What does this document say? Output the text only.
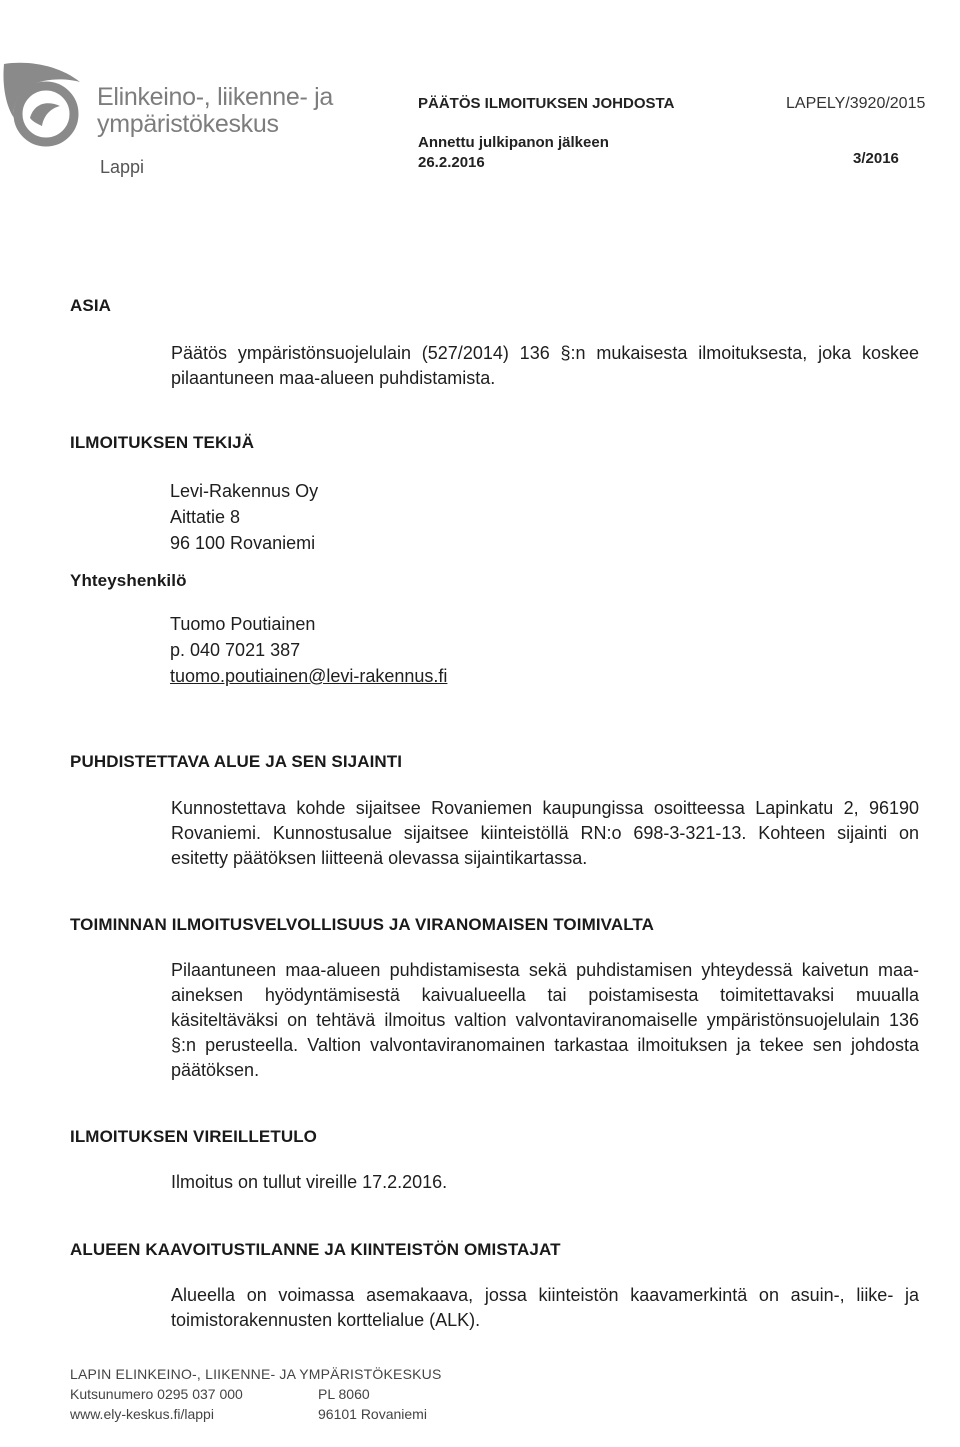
Elinkeino-, liikenne- ja
ympäristökeskus
Lappi
PÄÄTÖS ILMOITUKSEN JOHDOSTA	LAPELY/3920/2015
Annettu julkipanon jälkeen
26.2.2016	3/2016
ASIA
Päätös ympäristönsuojelulain (527/2014) 136 §:n mukaisesta ilmoituksesta, joka koskee pilaantuneen maa-alueen puhdistamista.
ILMOITUKSEN TEKIJÄ
Levi-Rakennus Oy
Aittatie 8
96 100 Rovaniemi
Yhteyshenkilö
Tuomo Poutiainen
p. 040 7021 387
tuomo.poutiainen@levi-rakennus.fi
PUHDISTETTAVA ALUE JA SEN SIJAINTI
Kunnostettava kohde sijaitsee Rovaniemen kaupungissa osoitteessa Lapinkatu 2, 96190 Rovaniemi. Kunnostusalue sijaitsee kiinteistöllä RN:o 698-3-321-13. Kohteen sijainti on esitetty päätöksen liitteenä olevassa sijaintikartassa.
TOIMINNAN ILMOITUSVELVOLLISUUS JA VIRANOMAISEN TOIMIVALTA
Pilaantuneen maa-alueen puhdistamisesta sekä puhdistamisen yhteydessä kaivetun maa-aineksen hyödyntämisestä kaivualueella tai poistamisesta toimitettavaksi muualla käsiteltäväksi on tehtävä ilmoitus valtion valvontaviranomaiselle ympäristönsuojelulain 136 §:n perusteella. Valtion valvontaviranomainen tarkastaa ilmoituksen ja tekee sen johdosta päätöksen.
ILMOITUKSEN VIREILLETULO
Ilmoitus on tullut vireille 17.2.2016.
ALUEEN KAAVOITUSTILANNE JA KIINTEISTÖN OMISTAJAT
Alueella on voimassa asemakaava, jossa kiinteistön kaavamerkintä on asuin-, liike- ja toimistorakennusten korttelialue (ALK).
LAPIN ELINKEINO-, LIIKENNE- JA YMPÄRISTÖKESKUS
Kutsunumero 0295 037 000	PL 8060
www.ely-keskus.fi/lappi	96101 Rovaniemi
